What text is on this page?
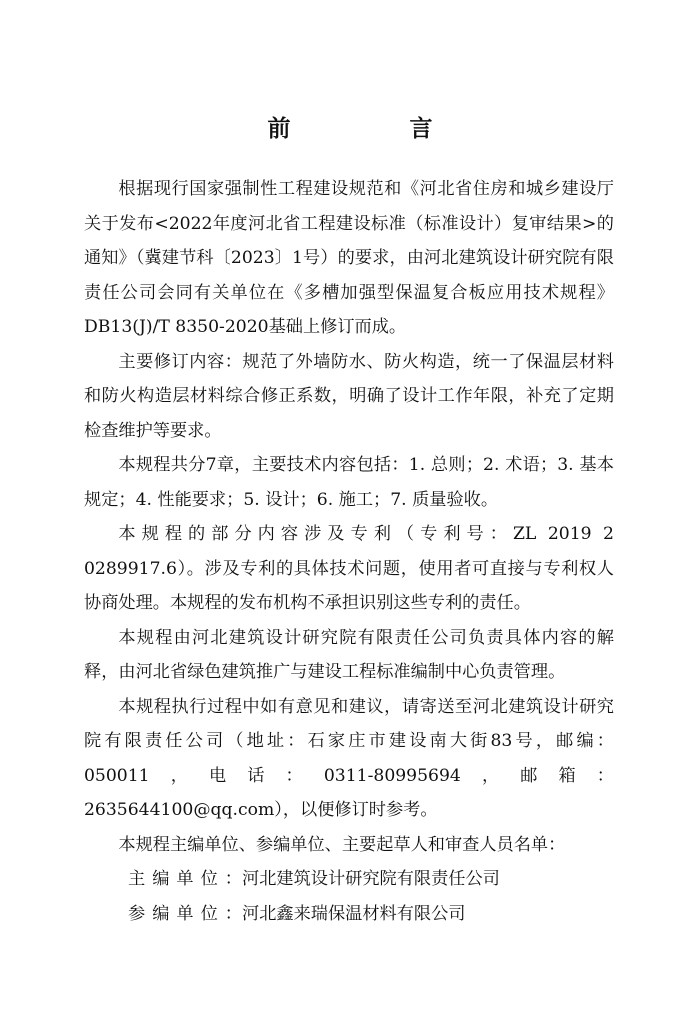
前　言

根据现行国家强制性工程建设规范和《河北省住房和城乡建设厅关于发布<2022年度河北省工程建设标准（标准设计）复审结果>的通知》（冀建节科〔2023〕1号）的要求，由河北建筑设计研究院有限责任公司会同有关单位在《多槽加强型保温复合板应用技术规程》DB13(J)/T 8350-2020基础上修订而成。

主要修订内容：规范了外墙防水、防火构造，统一了保温层材料和防火构造层材料综合修正系数，明确了设计工作年限，补充了定期检查维护等要求。

本规程共分7章，主要技术内容包括：1. 总则；2. 术语；3. 基本规定；4. 性能要求；5. 设计；6. 施工；7. 质量验收。

本规程的部分内容涉及专利（专利号：ZL 2019 2 0289917.6）。涉及专利的具体技术问题，使用者可直接与专利权人协商处理。本规程的发布机构不承担识别这些专利的责任。

本规程由河北建筑设计研究院有限责任公司负责具体内容的解释，由河北省绿色建筑推广与建设工程标准编制中心负责管理。

本规程执行过程中如有意见和建议，请寄送至河北建筑设计研究院有限责任公司（地址：石家庄市建设南大街83号，邮编：050011，电话：0311-80995694，邮箱：2635644100@qq.com），以便修订时参考。

本规程主编单位、参编单位、主要起草人和审查人员名单：

主编单位：河北建筑设计研究院有限责任公司

参编单位：河北鑫来瑞保温材料有限公司
